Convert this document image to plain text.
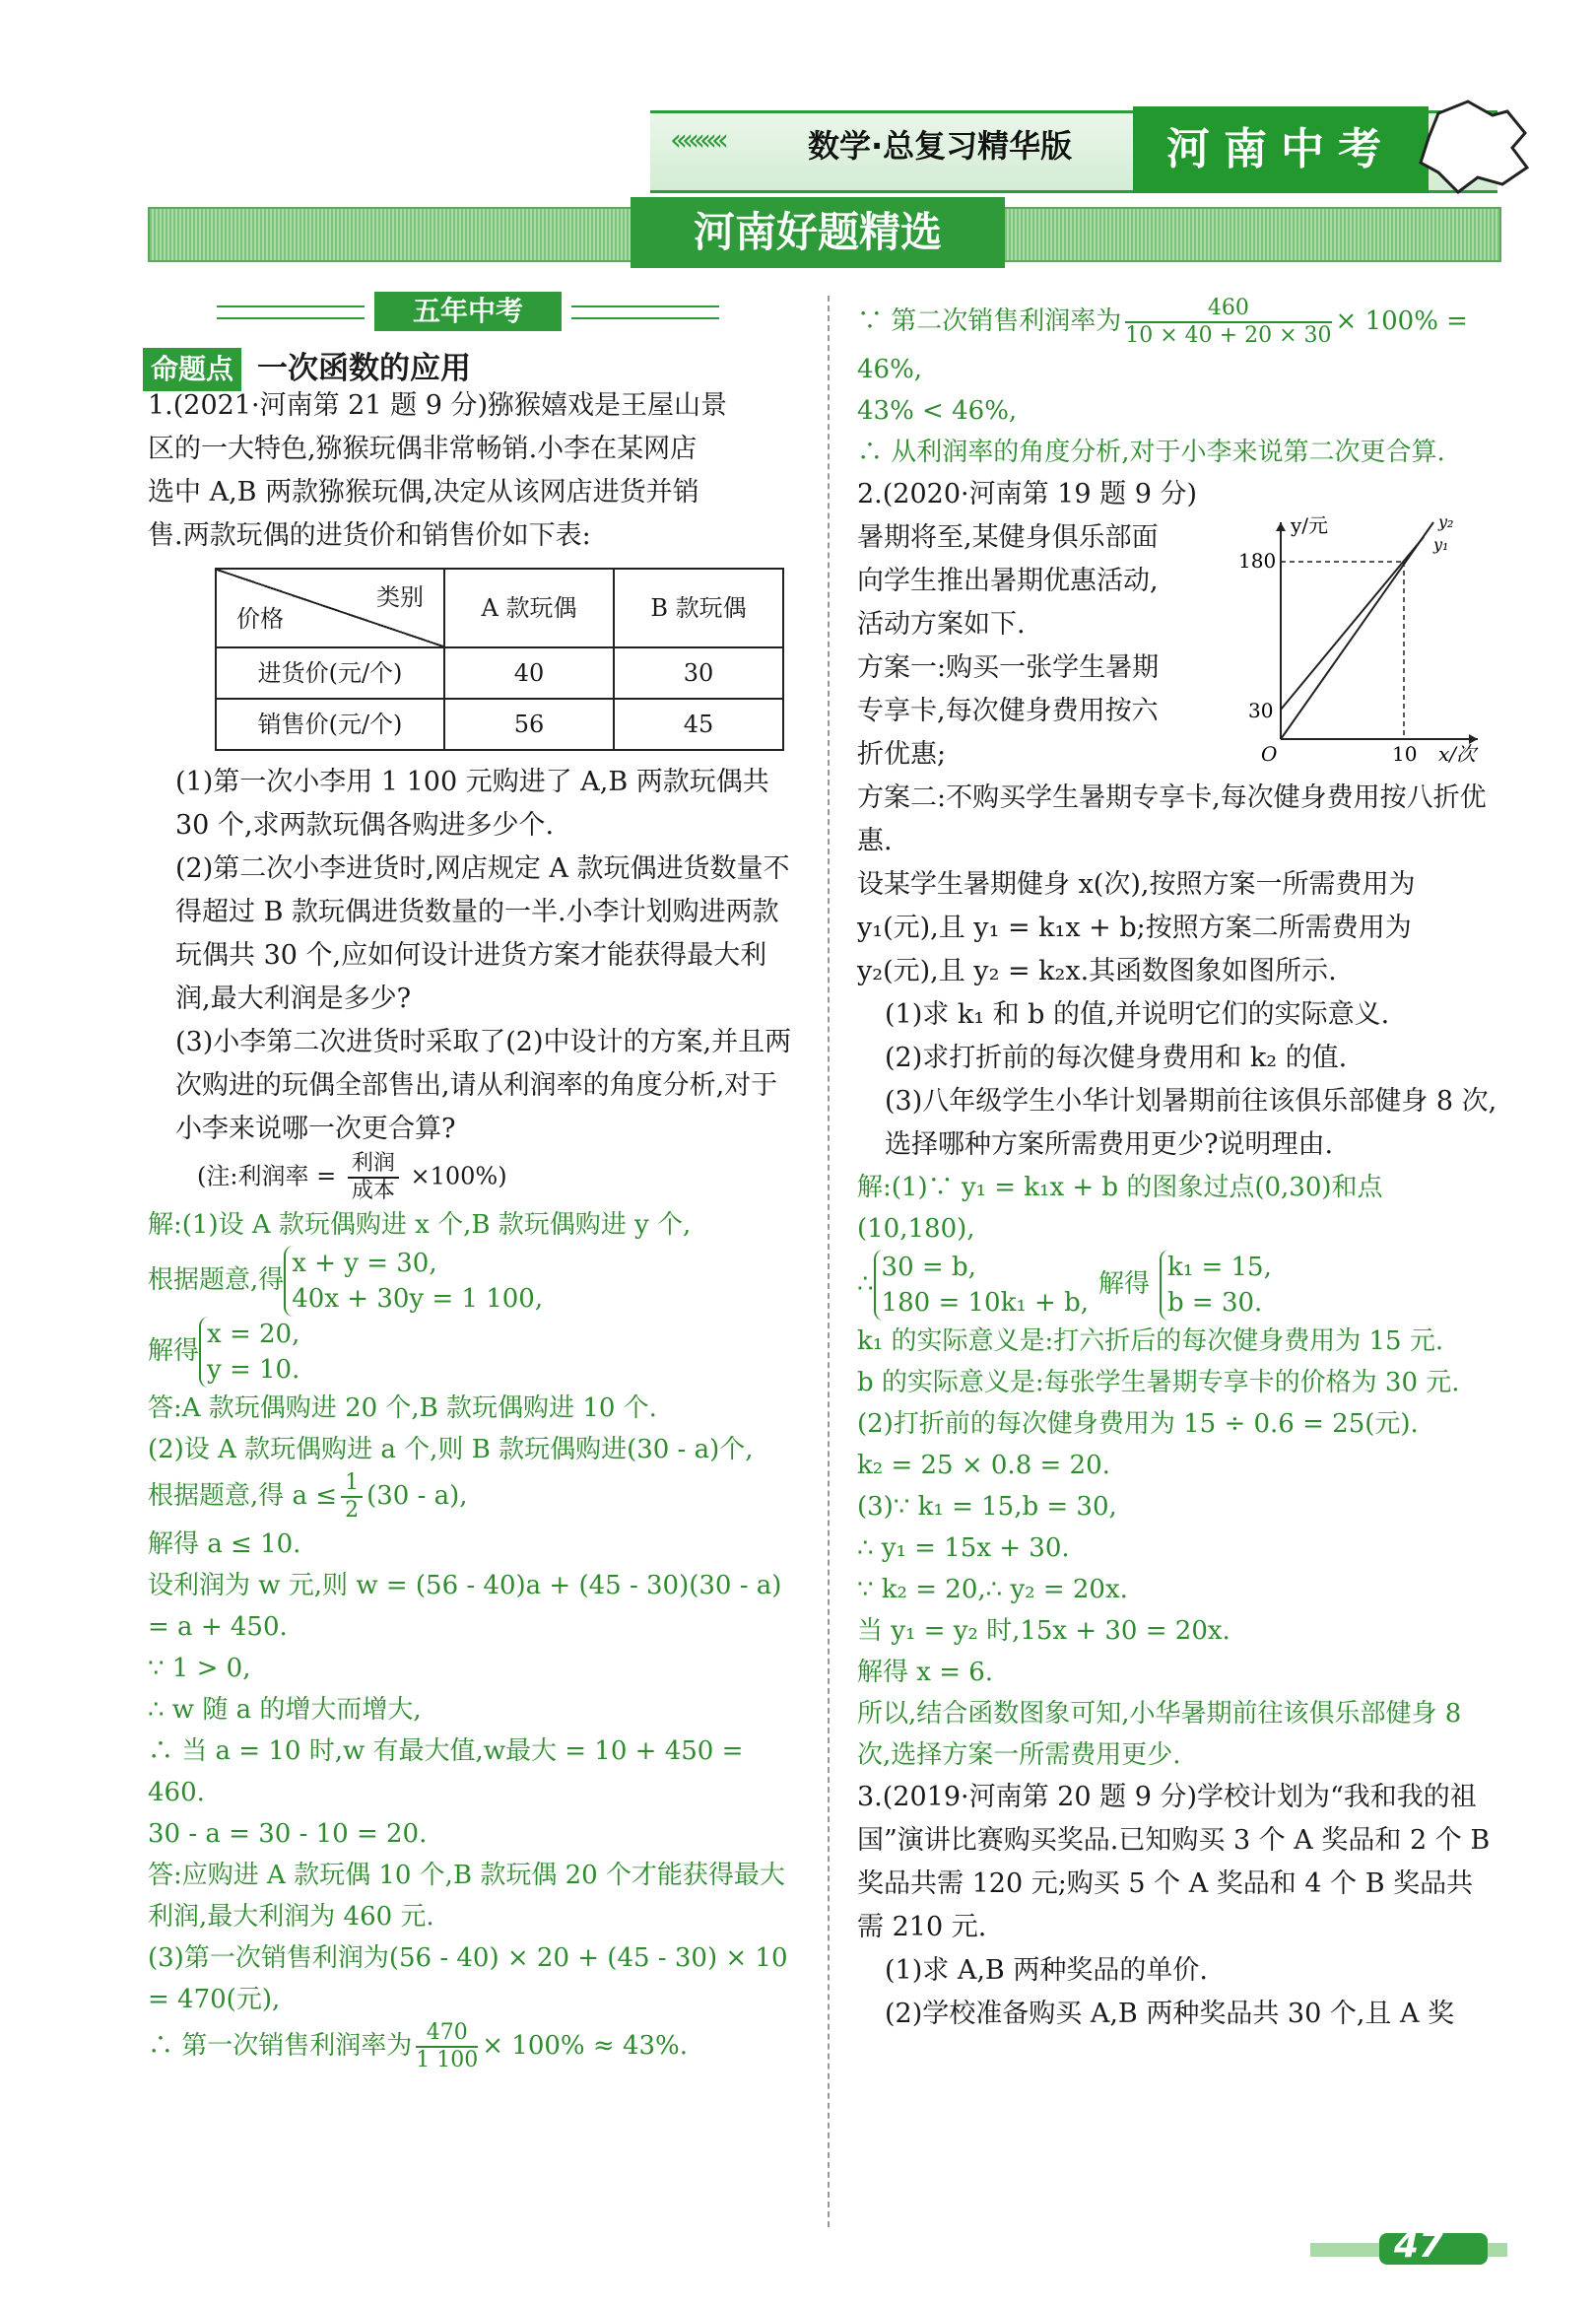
‹‹‹‹‹‹‹‹‹	数学·总复习精华版	河南中考
河南好题精选
五年中考
命题点 一次函数的应用

1.(2021·河南第 21 题 9 分)猕猴嬉戏是王屋山景

区的一大特色,猕猴玩偶非常畅销.小李在某网店

选中 A,B 两款猕猴玩偶,决定从该网店进货并销

售.两款玩偶的进货价和销售价如下表:

类别
价格	A 款玩偶	B 款玩偶
进货价(元/个)	40	30
销售价(元/个)	56	45

(1)第一次小李用 1 100 元购进了 A,B 两款玩偶共 30 个,求两款玩偶各购进多少个.

(2)第二次小李进货时,网店规定 A 款玩偶进货数量不得超过 B 款玩偶进货数量的一半.小李计划购进两款玩偶共 30 个,应如何设计进货方案才能获得最大利润,最大利润是多少?

(3)小李第二次进货时采取了(2)中设计的方案,并且两次购进的玩偶全部售出,请从利润率的角度分析,对于小李来说哪一次更合算?

(注:利润率 = $\frac{\text{利润}}{\text{成本}} \times 100\%$)

解:(1)设 A 款玩偶购进 x 个,B 款玩偶购进 y 个,

根据题意,得
x + y = 30,
40x + 30y = 1 100,

解得
x = 20,
y = 10.

答:A 款玩偶购进 20 个,B 款玩偶购进 10 个.

(2)设 A 款玩偶购进 a 个,则 B 款玩偶购进(30 - a)个,

根据题意,得 $a \le \frac{1}{2} (30 - a)$,

解得 a ≤ 10.

设利润为 w 元,则 w = (56 - 40)a + (45 - 30)(30 - a) = a + 450.

∵ 1 > 0,

∴ w 随 a 的增大而增大,

∴ 当 a = 10 时,w 有最大值,w最大 = 10 + 450 = 460.

30 - a = 30 - 10 = 20.

答:应购进 A 款玩偶 10 个,B 款玩偶 20 个才能获得最大利润,最大利润为 460 元.

(3)第一次销售利润为(56 - 40) × 20 + (45 - 30) × 10 = 470(元),

∴ 第一次销售利润率为 $\frac{470}{1 100} \times 100\% \approx 43\%$.

∵ 第二次销售利润率为 $\frac{460}{10 \times 40 + 20 \times 30} \times 100\% = 46\%$,

43% < 46%,

∴ 从利润率的角度分析,对于小李来说第二次更合算.

2.(2020·河南第 19 题 9 分)

暑期将至,某健身俱乐部面

向学生推出暑期优惠活动,

活动方案如下.

方案一:购买一张学生暑期

专享卡,每次健身费用按六

折优惠;

方案二:不购买学生暑期专享卡,每次健身费用按八折优惠.

设某学生暑期健身 x(次),按照方案一所需费用为 y₁(元),且 y₁ = k₁x + b;按照方案二所需费用为 y₂(元),且 y₂ = k₂x.其函数图象如图所示.

(1)求 k₁ 和 b 的值,并说明它们的实际意义.

(2)求打折前的每次健身费用和 k₂ 的值.

(3)八年级学生小华计划暑期前往该俱乐部健身 8 次,选择哪种方案所需费用更少?说明理由.

解:(1)∵ y₁ = k₁x + b 的图象过点(0,30)和点(10,180),

∴
30 = b,
180 = 10k₁ + b,
解得
k₁ = 15,
b = 30.

k₁ 的实际意义是:打六折后的每次健身费用为 15 元.

b 的实际意义是:每张学生暑期专享卡的价格为 30 元.

(2)打折前的每次健身费用为 15 ÷ 0.6 = 25(元).

k₂ = 25 × 0.8 = 20.

(3)∵ k₁ = 15,b = 30,

∴ y₁ = 15x + 30.

∵ k₂ = 20,∴ y₂ = 20x.

当 y₁ = y₂ 时,15x + 30 = 20x.

解得 x = 6.

所以,结合函数图象可知,小华暑期前往该俱乐部健身 8 次,选择方案一所需费用更少.

3.(2019·河南第 20 题 9 分)学校计划为“我和我的祖国”演讲比赛购买奖品.已知购买 3 个 A 奖品和 2 个 B 奖品共需 120 元;购买 5 个 A 奖品和 4 个 B 奖品共需 210 元.

(1)求 A,B 两种奖品的单价.

(2)学校准备购买 A,B 两种奖品共 30 个,且 A 奖

y/元	y₂
y₁
180
30
10
O	x/次
47
